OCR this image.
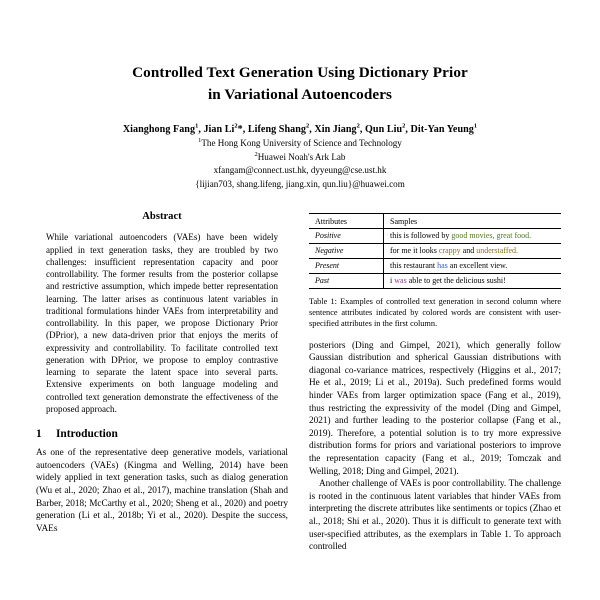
Controlled Text Generation Using Dictionary Prior
in Variational Autoencoders
Xianghong Fang$^1$, Jian Li$^2$*, Lifeng Shang$^2$, Xin Jiang$^2$, Qun Liu$^2$, Dit-Yan Yeung$^1$
$^1$The Hong Kong University of Science and Technology
$^2$Huawei Noah's Ark Lab
xfangam@connect.ust.hk, dyyeung@cse.ust.hk
{lijian703, shang.lifeng, jiang.xin, qun.liu}@huawei.com
Abstract
While variational autoencoders (VAEs) have been widely applied in text generation tasks, they are troubled by two challenges: insufficient representation capacity and poor controllability. The former results from the posterior collapse and restrictive assumption, which impede better representation learning. The latter arises as continuous latent variables in traditional formulations hinder VAEs from interpretability and controllability. In this paper, we propose Dictionary Prior (DPrior), a new data-driven prior that enjoys the merits of expressivity and controllability. To facilitate controlled text generation with DPrior, we propose to employ contrastive learning to separate the latent space into several parts. Extensive experiments on both language modeling and controlled text generation demonstrate the effectiveness of the proposed approach.
1 Introduction

As one of the representative deep generative models, variational autoencoders (VAEs) (Kingma and Welling, 2014) have been widely applied in text generation tasks, such as dialog generation (Wu et al., 2020; Zhao et al., 2017), machine translation (Shah and Barber, 2018; McCarthy et al., 2020; Sheng et al., 2020) and poetry generation (Li et al., 2018b; Yi et al., 2020). Despite the success, VAEs

Attributes	Samples
Positive	this is followed by good movies, great food.
Negative	for me it looks crappy and understaffed.
Present	this restaurant has an excellent view.
Past	i was able to get the delicious sushi!
Table 1: Examples of controlled text generation in second column where sentence attributes indicated by colored words are consistent with user-specified attributes in the first column.

posteriors (Ding and Gimpel, 2021), which generally follow Gaussian distribution and spherical Gaussian distributions with diagonal co-variance matrices, respectively (Higgins et al., 2017; He et al., 2019; Li et al., 2019a). Such predefined forms would hinder VAEs from larger optimization space (Fang et al., 2019), thus restricting the expressivity of the model (Ding and Gimpel, 2021) and further leading to the posterior collapse (Fang et al., 2019). Therefore, a potential solution is to try more expressive distribution forms for priors and variational posteriors to improve the representation capacity (Fang et al., 2019; Tomczak and Welling, 2018; Ding and Gimpel, 2021).

Another challenge of VAEs is poor controllability. The challenge is rooted in the continuous latent variables that hinder VAEs from interpreting the discrete attributes like sentiments or topics (Zhao et al., 2018; Shi et al., 2020). Thus it is difficult to generate text with user-specified attributes, as the exemplars in Table 1. To approach controlled
